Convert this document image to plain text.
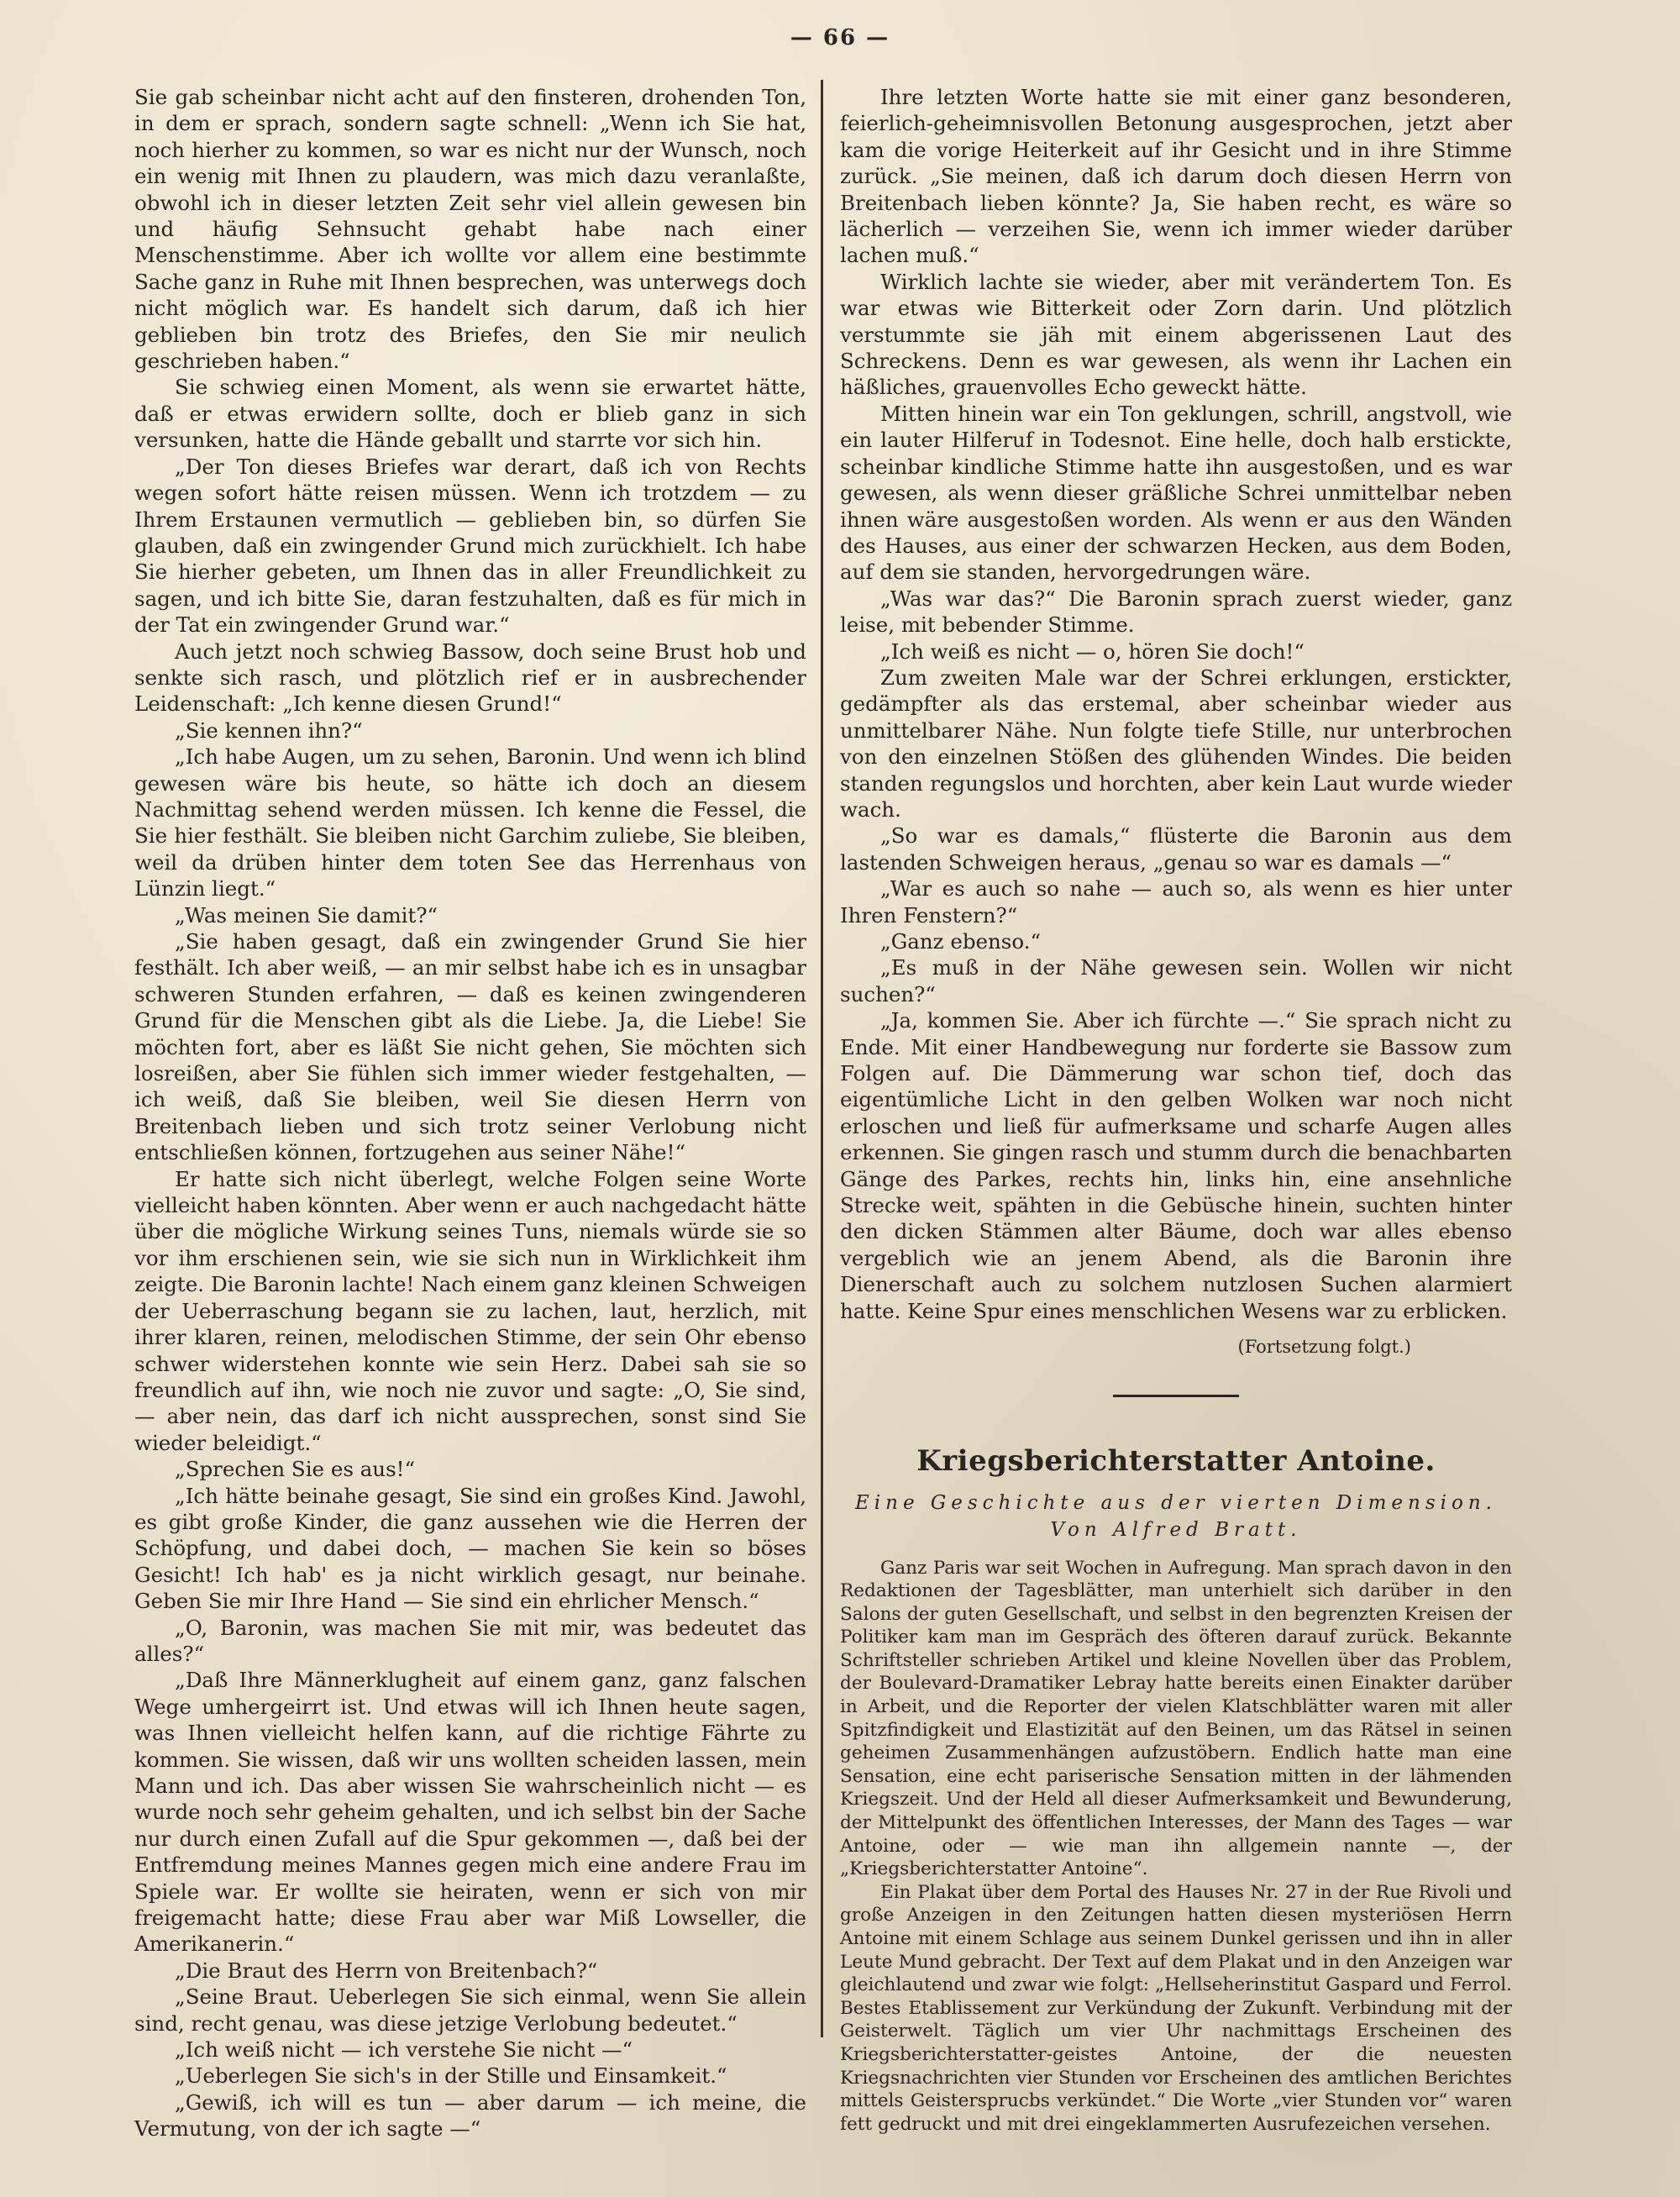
— 66 —

Sie gab scheinbar nicht acht auf den finsteren, drohenden Ton, in dem er sprach, sondern sagte schnell: „Wenn ich Sie hat, noch hierher zu kommen, so war es nicht nur der Wunsch, noch ein wenig mit Ihnen zu plaudern, was mich dazu veranlaßte, obwohl ich in dieser letzten Zeit sehr viel allein gewesen bin und häufig Sehnsucht gehabt habe nach einer Menschenstimme. Aber ich wollte vor allem eine bestimmte Sache ganz in Ruhe mit Ihnen besprechen, was unterwegs doch nicht möglich war. Es handelt sich darum, daß ich hier geblieben bin trotz des Briefes, den Sie mir neulich geschrieben haben.“

Sie schwieg einen Moment, als wenn sie erwartet hätte, daß er etwas erwidern sollte, doch er blieb ganz in sich versunken, hatte die Hände geballt und starrte vor sich hin.

„Der Ton dieses Briefes war derart, daß ich von Rechts wegen sofort hätte reisen müssen. Wenn ich trotzdem — zu Ihrem Erstaunen vermutlich — geblieben bin, so dürfen Sie glauben, daß ein zwingender Grund mich zurückhielt. Ich habe Sie hierher gebeten, um Ihnen das in aller Freundlichkeit zu sagen, und ich bitte Sie, daran festzuhalten, daß es für mich in der Tat ein zwingender Grund war.“

Auch jetzt noch schwieg Bassow, doch seine Brust hob und senkte sich rasch, und plötzlich rief er in ausbrechender Leidenschaft: „Ich kenne diesen Grund!“

„Sie kennen ihn?“

„Ich habe Augen, um zu sehen, Baronin. Und wenn ich blind gewesen wäre bis heute, so hätte ich doch an diesem Nachmittag sehend werden müssen. Ich kenne die Fessel, die Sie hier festhält. Sie bleiben nicht Garchim zuliebe, Sie bleiben, weil da drüben hinter dem toten See das Herrenhaus von Lünzin liegt.“

„Was meinen Sie damit?“

„Sie haben gesagt, daß ein zwingender Grund Sie hier festhält. Ich aber weiß, — an mir selbst habe ich es in unsagbar schweren Stunden erfahren, — daß es keinen zwingenderen Grund für die Menschen gibt als die Liebe. Ja, die Liebe! Sie möchten fort, aber es läßt Sie nicht gehen, Sie möchten sich losreißen, aber Sie fühlen sich immer wieder festgehalten, — ich weiß, daß Sie bleiben, weil Sie diesen Herrn von Breitenbach lieben und sich trotz seiner Verlobung nicht entschließen können, fortzugehen aus seiner Nähe!“

Er hatte sich nicht überlegt, welche Folgen seine Worte vielleicht haben könnten. Aber wenn er auch nachgedacht hätte über die mögliche Wirkung seines Tuns, niemals würde sie so vor ihm erschienen sein, wie sie sich nun in Wirklichkeit ihm zeigte. Die Baronin lachte! Nach einem ganz kleinen Schweigen der Ueberraschung begann sie zu lachen, laut, herzlich, mit ihrer klaren, reinen, melodischen Stimme, der sein Ohr ebenso schwer widerstehen konnte wie sein Herz. Dabei sah sie so freundlich auf ihn, wie noch nie zuvor und sagte: „O, Sie sind, — aber nein, das darf ich nicht aussprechen, sonst sind Sie wieder beleidigt.“

„Sprechen Sie es aus!“

„Ich hätte beinahe gesagt, Sie sind ein großes Kind. Jawohl, es gibt große Kinder, die ganz aussehen wie die Herren der Schöpfung, und dabei doch, — machen Sie kein so böses Gesicht! Ich hab' es ja nicht wirklich gesagt, nur beinahe. Geben Sie mir Ihre Hand — Sie sind ein ehrlicher Mensch.“

„O, Baronin, was machen Sie mit mir, was bedeutet das alles?“

„Daß Ihre Männerklugheit auf einem ganz, ganz falschen Wege umhergeirrt ist. Und etwas will ich Ihnen heute sagen, was Ihnen vielleicht helfen kann, auf die richtige Fährte zu kommen. Sie wissen, daß wir uns wollten scheiden lassen, mein Mann und ich. Das aber wissen Sie wahrscheinlich nicht — es wurde noch sehr geheim gehalten, und ich selbst bin der Sache nur durch einen Zufall auf die Spur gekommen —, daß bei der Entfremdung meines Mannes gegen mich eine andere Frau im Spiele war. Er wollte sie heiraten, wenn er sich von mir freigemacht hatte; diese Frau aber war Miß Lowseller, die Amerikanerin.“

„Die Braut des Herrn von Breitenbach?“

„Seine Braut. Ueberlegen Sie sich einmal, wenn Sie allein sind, recht genau, was diese jetzige Verlobung bedeutet.“

„Ich weiß nicht — ich verstehe Sie nicht —“

„Ueberlegen Sie sich's in der Stille und Einsamkeit.“

„Gewiß, ich will es tun — aber darum — ich meine, die Vermutung, von der ich sagte —“

Ihre letzten Worte hatte sie mit einer ganz besonderen, feierlich-geheimnisvollen Betonung ausgesprochen, jetzt aber kam die vorige Heiterkeit auf ihr Gesicht und in ihre Stimme zurück. „Sie meinen, daß ich darum doch diesen Herrn von Breitenbach lieben könnte? Ja, Sie haben recht, es wäre so lächerlich — verzeihen Sie, wenn ich immer wieder darüber lachen muß.“

Wirklich lachte sie wieder, aber mit verändertem Ton. Es war etwas wie Bitterkeit oder Zorn darin. Und plötzlich verstummte sie jäh mit einem abgerissenen Laut des Schreckens. Denn es war gewesen, als wenn ihr Lachen ein häßliches, grauenvolles Echo geweckt hätte.

Mitten hinein war ein Ton geklungen, schrill, angstvoll, wie ein lauter Hilferuf in Todesnot. Eine helle, doch halb erstickte, scheinbar kindliche Stimme hatte ihn ausgestoßen, und es war gewesen, als wenn dieser gräßliche Schrei unmittelbar neben ihnen wäre ausgestoßen worden. Als wenn er aus den Wänden des Hauses, aus einer der schwarzen Hecken, aus dem Boden, auf dem sie standen, hervorgedrungen wäre.

„Was war das?“ Die Baronin sprach zuerst wieder, ganz leise, mit bebender Stimme.

„Ich weiß es nicht — o, hören Sie doch!“

Zum zweiten Male war der Schrei erklungen, erstickter, gedämpfter als das erstemal, aber scheinbar wieder aus unmittelbarer Nähe. Nun folgte tiefe Stille, nur unterbrochen von den einzelnen Stößen des glühenden Windes. Die beiden standen regungslos und horchten, aber kein Laut wurde wieder wach.

„So war es damals,“ flüsterte die Baronin aus dem lastenden Schweigen heraus, „genau so war es damals —“

„War es auch so nahe — auch so, als wenn es hier unter Ihren Fenstern?“

„Ganz ebenso.“

„Es muß in der Nähe gewesen sein. Wollen wir nicht suchen?“

„Ja, kommen Sie. Aber ich fürchte —.“ Sie sprach nicht zu Ende. Mit einer Handbewegung nur forderte sie Bassow zum Folgen auf. Die Dämmerung war schon tief, doch das eigentümliche Licht in den gelben Wolken war noch nicht erloschen und ließ für aufmerksame und scharfe Augen alles erkennen. Sie gingen rasch und stumm durch die benachbarten Gänge des Parkes, rechts hin, links hin, eine ansehnliche Strecke weit, spähten in die Gebüsche hinein, suchten hinter den dicken Stämmen alter Bäume, doch war alles ebenso vergeblich wie an jenem Abend, als die Baronin ihre Dienerschaft auch zu solchem nutzlosen Suchen alarmiert hatte. Keine Spur eines menschlichen Wesens war zu erblicken.

(Fortsetzung folgt.)

Kriegsberichterstatter Antoine.
Eine Geschichte aus der vierten Dimension.
Von Alfred Bratt.

Ganz Paris war seit Wochen in Aufregung. Man sprach davon in den Redaktionen der Tagesblätter, man unterhielt sich darüber in den Salons der guten Gesellschaft, und selbst in den begrenzten Kreisen der Politiker kam man im Gespräch des öfteren darauf zurück. Bekannte Schriftsteller schrieben Artikel und kleine Novellen über das Problem, der Boulevard-Dramatiker Lebray hatte bereits einen Einakter darüber in Arbeit, und die Reporter der vielen Klatschblätter waren mit aller Spitzfindigkeit und Elastizität auf den Beinen, um das Rätsel in seinen geheimen Zusammenhängen aufzustöbern. Endlich hatte man eine Sensation, eine echt pariserische Sensation mitten in der lähmenden Kriegszeit. Und der Held all dieser Aufmerksamkeit und Bewunderung, der Mittelpunkt des öffentlichen Interesses, der Mann des Tages — war Antoine, oder — wie man ihn allgemein nannte —, der „Kriegsberichterstatter Antoine“.

Ein Plakat über dem Portal des Hauses Nr. 27 in der Rue Rivoli und große Anzeigen in den Zeitungen hatten diesen mysteriösen Herrn Antoine mit einem Schlage aus seinem Dunkel gerissen und ihn in aller Leute Mund gebracht. Der Text auf dem Plakat und in den Anzeigen war gleichlautend und zwar wie folgt: „Hellseherinstitut Gaspard und Ferrol. Bestes Etablissement zur Verkündung der Zukunft. Verbindung mit der Geisterwelt. Täglich um vier Uhr nachmittags Erscheinen des Kriegsberichterstatter-geistes Antoine, der die neuesten Kriegsnachrichten vier Stunden vor Erscheinen des amtlichen Berichtes mittels Geistersprucbs verkündet.“ Die Worte „vier Stunden vor“ waren fett gedruckt und mit drei eingeklammerten Ausrufezeichen versehen.
